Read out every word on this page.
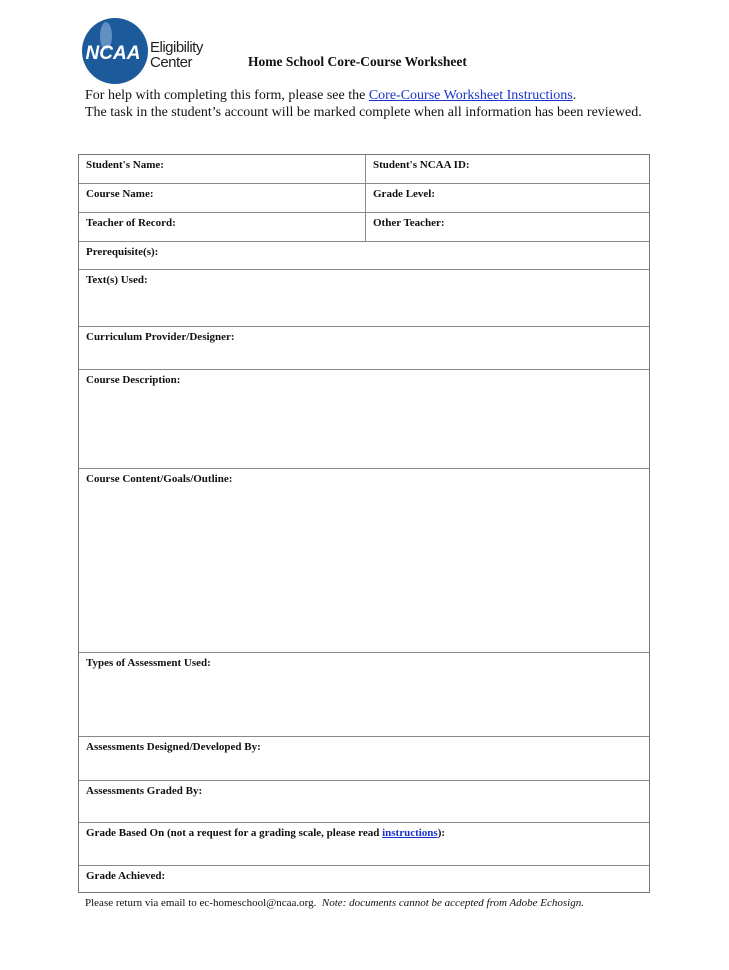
NCAA Eligibility
Center	Home School Core-Course Worksheet
For help with completing this form, please see the Core-Course Worksheet Instructions.
The task in the student’s account will be marked complete when all information has been reviewed.
Student's Name:	Student's NCAA ID:
Course Name:	Grade Level:
Teacher of Record:	Other Teacher:
Prerequisite(s):
Text(s) Used:
Curriculum Provider/Designer:
Course Description:
Course Content/Goals/Outline:
Types of Assessment Used:
Assessments Designed/Developed By:
Assessments Graded By:
Grade Based On (not a request for a grading scale, please read instructions):
Grade Achieved:
Please return via email to ec-homeschool@ncaa.org.  Note: documents cannot be accepted from Adobe Echosign.
